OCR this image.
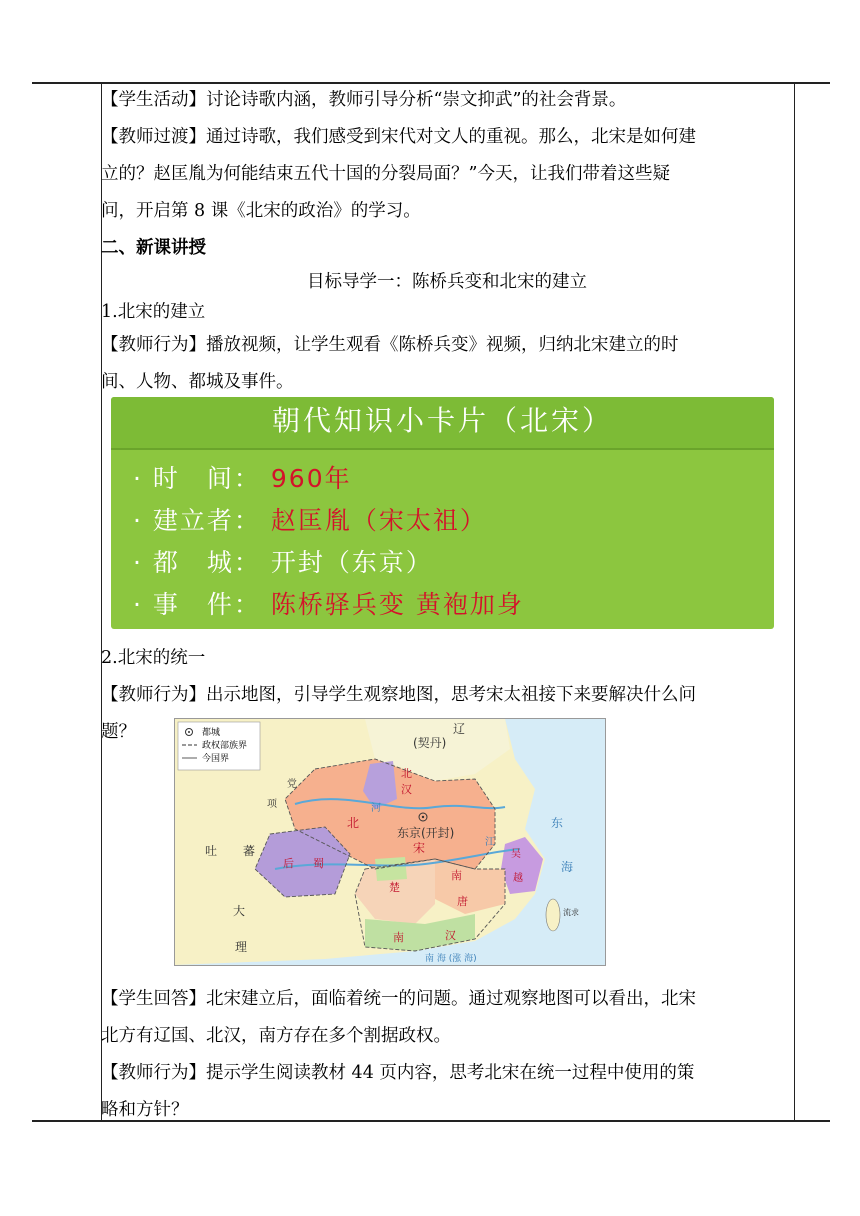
【学生活动】讨论诗歌内涵，教师引导分析“崇文抑武”的社会背景。

【教师过渡】通过诗歌，我们感受到宋代对文人的重视。那么，北宋是如何建

立的？赵匡胤为何能结束五代十国的分裂局面？”今天，让我们带着这些疑

问，开启第 8 课《北宋的政治》的学习。

二、新课讲授

目标导学一：陈桥兵变和北宋的建立

1.北宋的建立

【教师行为】播放视频，让学生观看《陈桥兵变》视频，归纳北宋建立的时

间、人物、都城及事件。

朝代知识小卡片（北宋）
· 时　间： 960年
· 建立者： 赵匡胤（宋太祖）
· 都　城： 开封（东京）
· 事　件： 陈桥驿兵变 黄袍加身

2.北宋的统一

【教师行为】出示地图，引导学生观察地图，思考宋太祖接下来要解决什么问

题？	都城
政权部族界
今国界
辽
(契丹)
北
汉
东京(开封)
北
宋
党
项
吐 蕃
后 蜀
南
唐
楚
南	汉
大
理
吴
越
东
海
流求
南 海 (涨 海)
江
河

【学生回答】北宋建立后，面临着统一的问题。通过观察地图可以看出，北宋

北方有辽国、北汉，南方存在多个割据政权。

【教师行为】提示学生阅读教材 44 页内容，思考北宋在统一过程中使用的策

略和方针？
